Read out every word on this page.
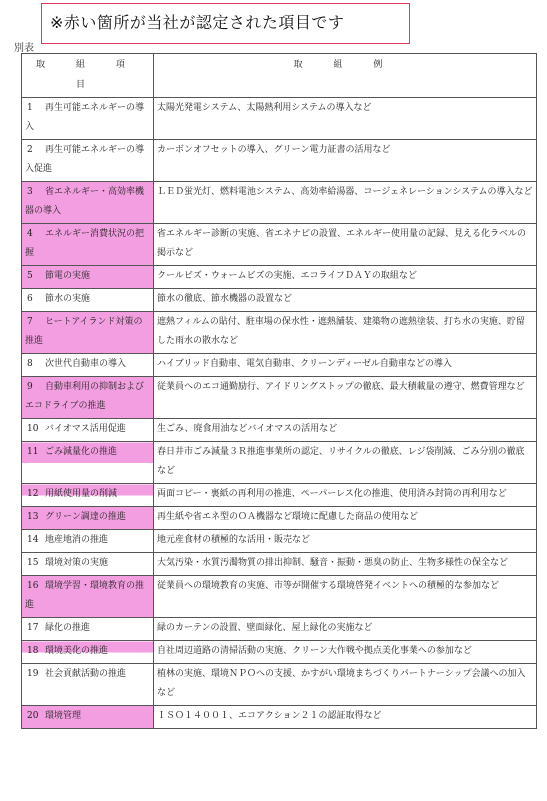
※赤い箇所が当社が認定された項目です
別表
取 組 項 目	取 組 例
1 再生可能エネルギーの導入	太陽光発電システム、太陽熱利用システムの導入など
2 再生可能エネルギーの導入促進	カーボンオフセットの導入、グリーン電力証書の活用など
3 省エネルギー・高効率機器の導入	ＬＥＤ蛍光灯、燃料電池システム、高効率給湯器、コージェネレーションシステムの導入など
4 エネルギー消費状況の把握	省エネルギー診断の実施、省エネナビの設置、エネルギー使用量の記録、見える化ラベルの掲示など
5 節電の実施	クールビズ・ウォームビズの実施、エコライフＤＡＹの取組など
6 節水の実施	節水の徹底、節水機器の設置など
7 ヒートアイランド対策の推進	遮熱フィルムの貼付、駐車場の保水性・遮熱舗装、建築物の遮熱塗装、打ち水の実施、貯留した雨水の散水など
8 次世代自動車の導入	ハイブリッド自動車、電気自動車、クリーンディーゼル自動車などの導入
9 自動車利用の抑制およびエコドライブの推進	従業員へのエコ通勤励行、アイドリングストップの徹底、最大積載量の遵守、燃費管理など
10 バイオマス活用促進	生ごみ、廃食用油などバイオマスの活用など
11 ごみ減量化の推進	春日井市ごみ減量３Ｒ推進事業所の認定、リサイクルの徹底、レジ袋削減、ごみ分別の徹底など
12 用紙使用量の削減	両面コピー・裏紙の再利用の推進、ペーパーレス化の推進、使用済み封筒の再利用など
13 グリーン調達の推進	再生紙や省エネ型のＯＡ機器など環境に配慮した商品の使用など
14 地産地消の推進	地元産食材の積極的な活用・販売など
15 環境対策の実施	大気汚染・水質汚濁物質の排出抑制、騒音・振動・悪臭の防止、生物多様性の保全など
16 環境学習・環境教育の推進	従業員への環境教育の実施、市等が開催する環境啓発イベントへの積極的な参加など
17 緑化の推進	緑のカーテンの設置、壁面緑化、屋上緑化の実施など
18 環境美化の推進	自社周辺道路の清掃活動の実施、クリーン大作戦や拠点美化事業への参加など
19 社会貢献活動の推進	植林の実施、環境ＮＰＯへの支援、かすがい環境まちづくりパートナーシップ会議への加入など
20 環境管理	ＩＳＯ１４００１、エコアクション２１の認証取得など
